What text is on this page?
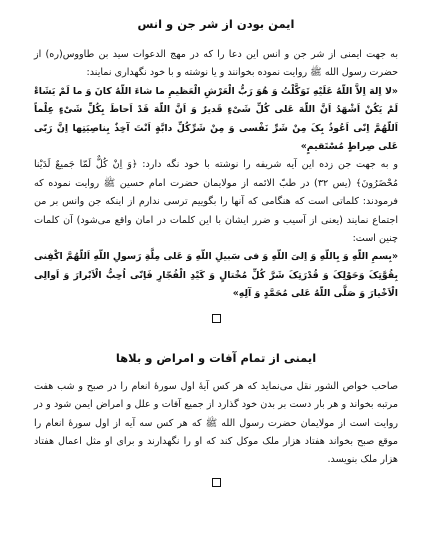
ایمن بودن از شر جن و انس

به جهت ایمنی از شر جن و انس این دعا را که در مهج الدعوات سید بن طاووس(ره) از حضرت رسول الله ﷺ روایت نموده بخوانند و یا نوشته و با خود نگهداری نمایند:

«لا اِلهَ اِلاَّ اللّهُ عَلَیْهِ تَوَکَّلْتُ وَ هُوَ رَبُّ الْعَرْشِ الْعَظیمِ ما شاءَ اللّهُ کانَ وَ ما لَمْ یَشَاءْ لَمْ یَکُنْ اَشْهَدُ اَنَّ اللّهَ عَلی کُلِّ شَیْءٍ قَدیرٌ وَ اَنَّ اللّهَ قَدْ اَحاطَ بِکُلِّ شَیْءٍ عِلْماً اَللّهُمَّ اِنّی اَعُوذُ بِکَ مِنْ شَرِّ نَفْسی وَ مِنْ شَرِّکُلِّ دابَّةٍ اَنْتَ آخِذٌ بِناصِیَتِها اِنَّ رَبّی عَلی صِراطٍ مُسْتَقیمٍ»

و به جهت جن زده این آیه شریفه را نوشته با خود نگه دارد: ﴿وَ اِنْ کُلٌّ لَمّا جَمیعٌ لَدَیْنا مُحْضَرُونَ﴾ (یس ۳۲) در طبّ الائمه از مولایمان حضرت امام حسین ﷺ روایت نموده که فرمودند: کلماتی است که هنگامی که آنها را بگوییم ترسی ندارم از اینکه جن وانس بر من اجتماع نمایند (یعنی از آسیب و ضرر ایشان با این کلمات در امان واقع می‌شود) آن کلمات چنین است:

«بِسمِ اللّهِ وَ بِاللّهِ وَ اِلیَ اللّهِ وَ فی سَبیلِ اللّهِ وَ عَلی مِلَّةِ رَسولِ اللّهِ اَللّهُمَّ اکْفِنی بِقُوَّتِکَ وَحَوْلِکَ وَ قُدْرَتِکَ شَرَّ کُلِّ مُخْتالٍ وَ کَیْدِ الْفُجّارِ فَاِنّی اُحِبُّ الْاَبْرارَ وَ اَوالِی الْاَخْیارَ وَ صَلَّی اللّهُ عَلی مُحَمَّدٍ وَ آلِهِ»

ایمنی از تمام آفات و امراض و بلاها

صاحب خواص الشور نقل می‌نماید که هر کس آیهٔ اول سورهٔ انعام را در صبح و شب هفت مرتبه بخواند و هر بار دست بر بدن خود گذارد از جمیع آفات و علل و امراض ایمن شود و در روایت است از مولایمان حضرت رسول الله ﷺ که هر کس سه آیه از اول سورهٔ انعام را موقع صبح بخواند هفتاد هزار ملک موکل کند که او را نگهدارند و برای او مثل اعمال هفتاد هزار ملک بنویسد.
